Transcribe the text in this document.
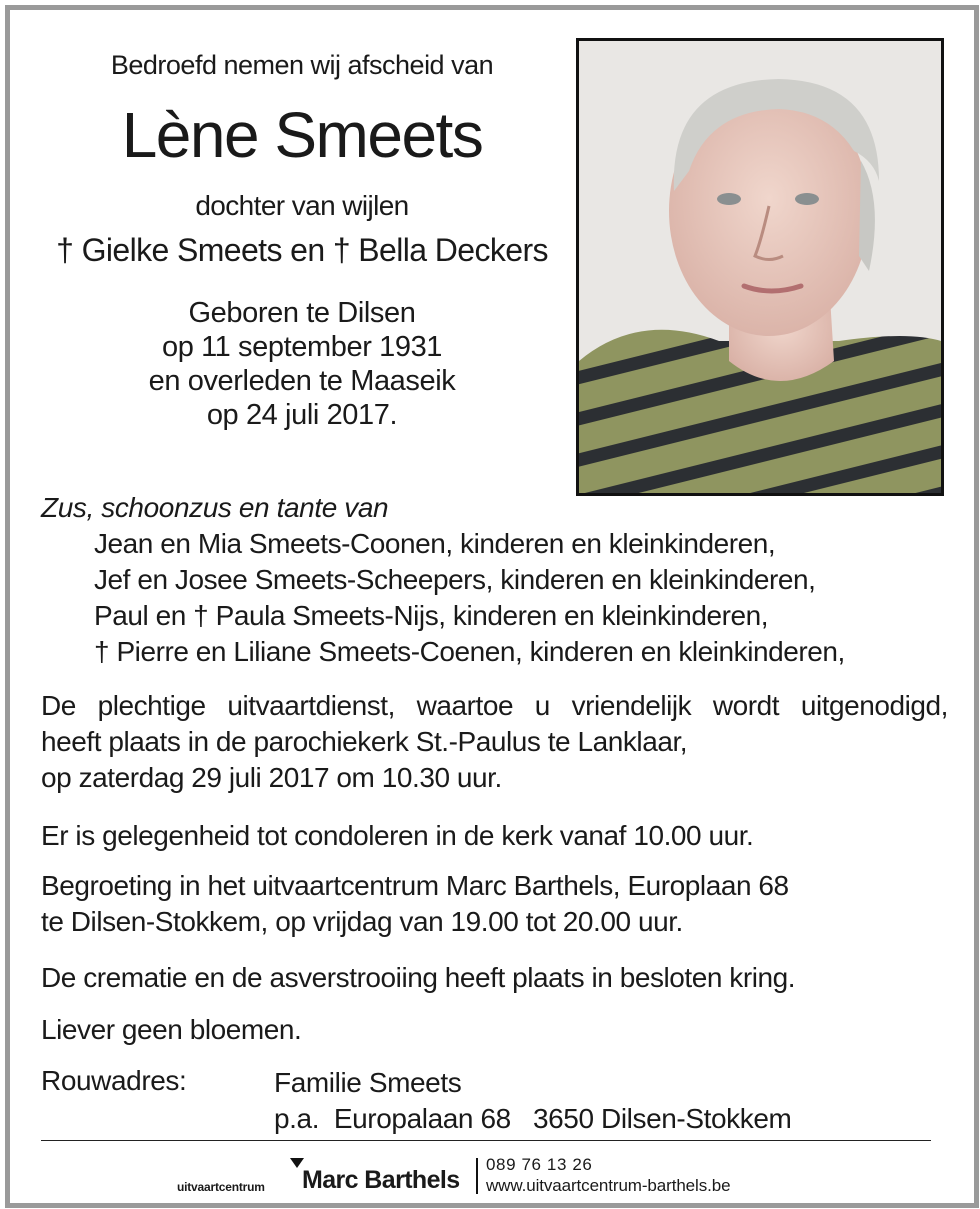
Bedroefd nemen wij afscheid van
Lène Smeets
dochter van wijlen
† Gielke Smeets en † Bella Deckers
Geboren te Dilsen
op 11 september 1931
en overleden te Maaseik
op 24 juli 2017.
Zus, schoonzus en tante van
Jean en Mia Smeets-Coonen, kinderen en kleinkinderen,
Jef en Josee Smeets-Scheepers, kinderen en kleinkinderen,
Paul en † Paula Smeets-Nijs, kinderen en kleinkinderen,
† Pierre en Liliane Smeets-Coenen, kinderen en kleinkinderen,
De plechtige uitvaartdienst, waartoe u vriendelijk wordt uitgenodigd,
heeft plaats in de parochiekerk St.-Paulus te Lanklaar,
op zaterdag 29 juli 2017 om 10.30 uur.
Er is gelegenheid tot condoleren in de kerk vanaf 10.00 uur.
Begroeting in het uitvaartcentrum Marc Barthels, Europlaan 68
te Dilsen-Stokkem, op vrijdag van 19.00 tot 20.00 uur.
De crematie en de asverstrooiing heeft plaats in besloten kring.
Liever geen bloemen.
Rouwadres:	Familie Smeets
p.a.  Europalaan 68   3650 Dilsen-Stokkem
uitvaartcentrum Marc Barthels
089 76 13 26
www.uitvaartcentrum-barthels.be
